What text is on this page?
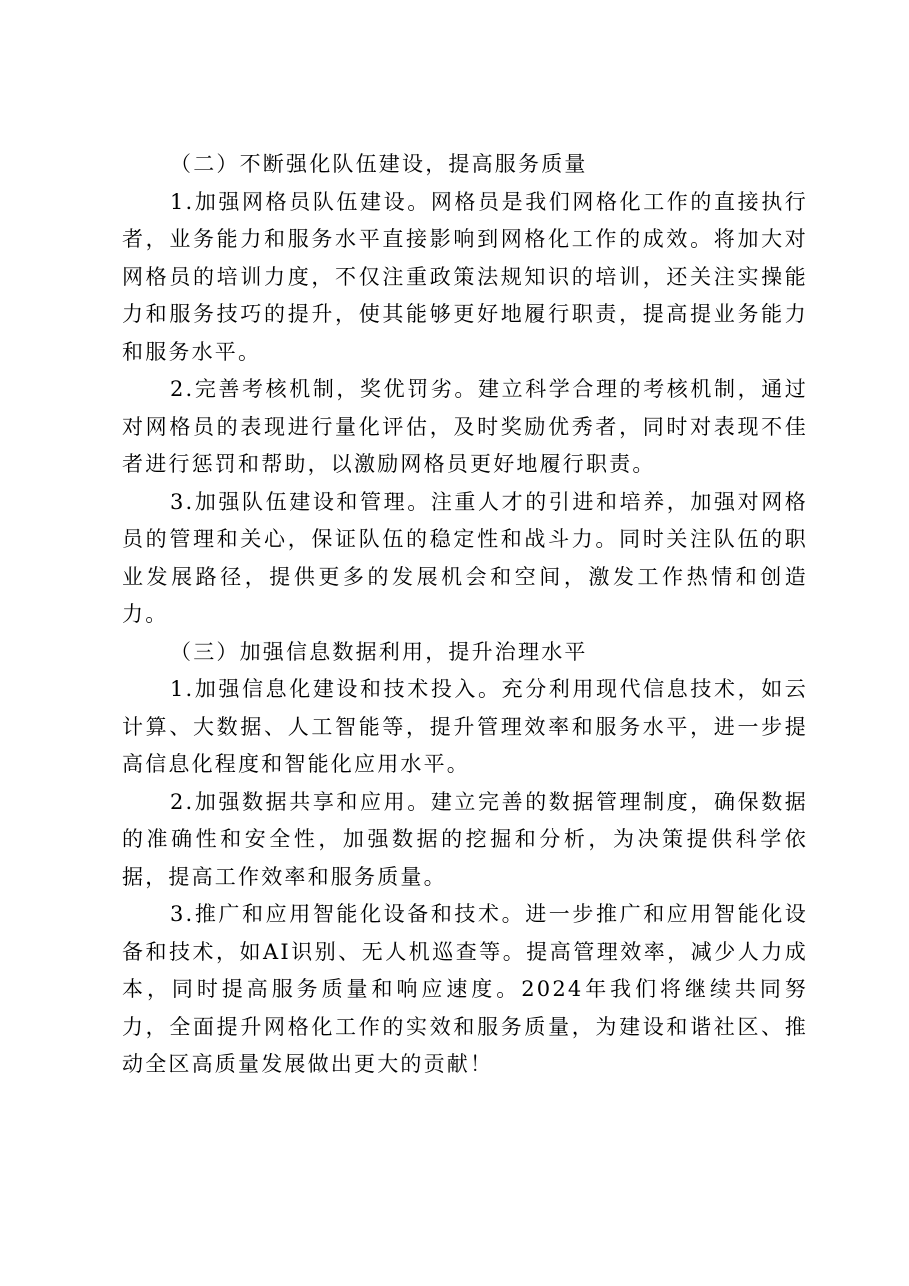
（二）不断强化队伍建设，提高服务质量

1.加强网格员队伍建设。网格员是我们网格化工作的直接执行者，业务能力和服务水平直接影响到网格化工作的成效。将加大对网格员的培训力度，不仅注重政策法规知识的培训，还关注实操能力和服务技巧的提升，使其能够更好地履行职责，提高提业务能力和服务水平。

2.完善考核机制，奖优罚劣。建立科学合理的考核机制，通过对网格员的表现进行量化评估，及时奖励优秀者，同时对表现不佳者进行惩罚和帮助，以激励网格员更好地履行职责。

3.加强队伍建设和管理。注重人才的引进和培养，加强对网格员的管理和关心，保证队伍的稳定性和战斗力。同时关注队伍的职业发展路径，提供更多的发展机会和空间，激发工作热情和创造力。

（三）加强信息数据利用，提升治理水平

1.加强信息化建设和技术投入。充分利用现代信息技术，如云计算、大数据、人工智能等，提升管理效率和服务水平，进一步提高信息化程度和智能化应用水平。

2.加强数据共享和应用。建立完善的数据管理制度，确保数据的准确性和安全性，加强数据的挖掘和分析，为决策提供科学依据，提高工作效率和服务质量。

3.推广和应用智能化设备和技术。进一步推广和应用智能化设备和技术，如AI识别、无人机巡查等。提高管理效率，减少人力成本，同时提高服务质量和响应速度。2024年我们将继续共同努力，全面提升网格化工作的实效和服务质量，为建设和谐社区、推动全区高质量发展做出更大的贡献！
